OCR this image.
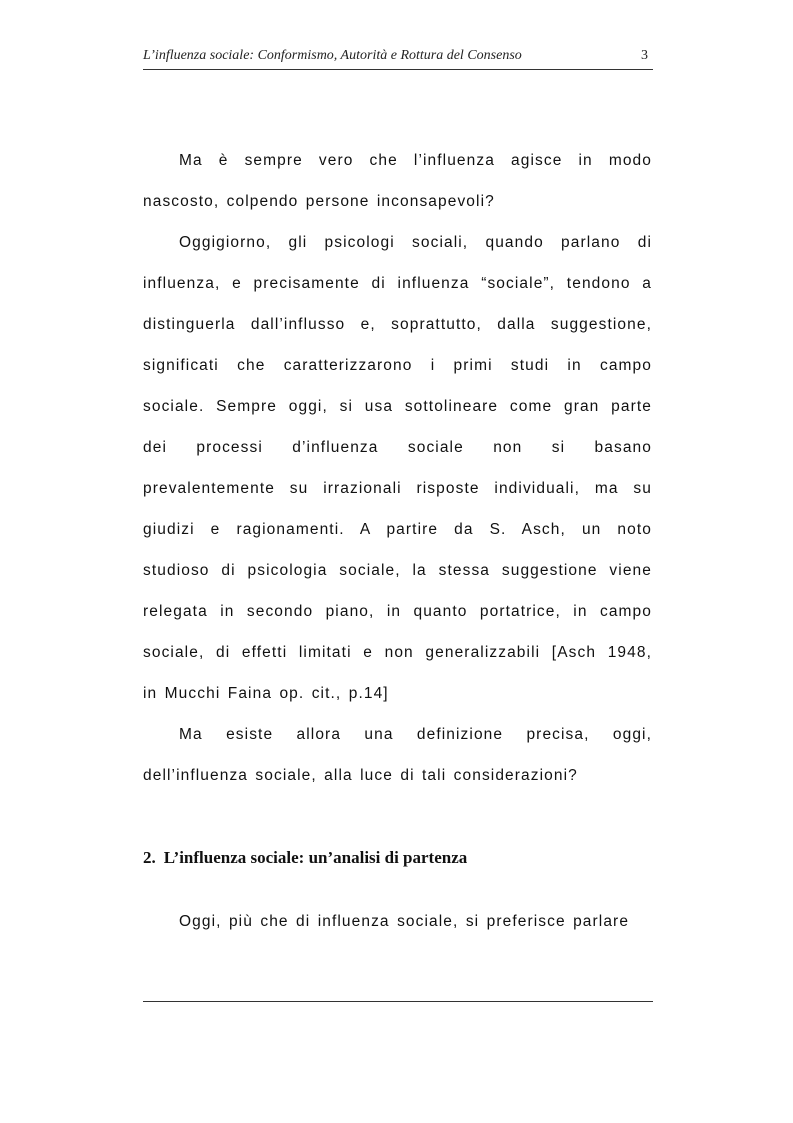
L’influenza sociale: Conformismo, Autorità e Rottura del Consenso	3

Ma è sempre vero che l’influenza agisce in modo

nascosto, colpendo persone inconsapevoli?

Oggigiorno, gli psicologi sociali, quando parlano di

influenza, e precisamente di influenza “sociale”, tendono a

distinguerla dall’influsso e, soprattutto, dalla suggestione,

significati che caratterizzarono i primi studi in campo

sociale. Sempre oggi, si usa sottolineare come gran parte

dei processi d’influenza sociale non si basano

prevalentemente su irrazionali risposte individuali, ma su

giudizi e ragionamenti. A partire da S. Asch, un noto

studioso di psicologia sociale, la stessa suggestione viene

relegata in secondo piano, in quanto portatrice, in campo

sociale, di effetti limitati e non generalizzabili [Asch 1948,

in Mucchi Faina op. cit., p.14]

Ma esiste allora una definizione precisa, oggi,

dell’influenza sociale, alla luce di tali considerazioni?

2. L’influenza sociale: un’analisi di partenza

Oggi, più che di influenza sociale, si preferisce parlare
